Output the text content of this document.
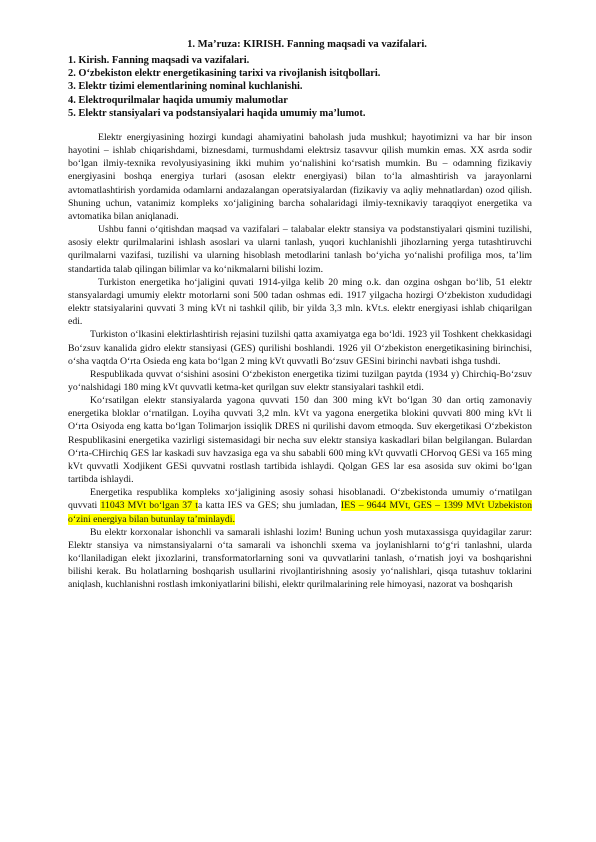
1. Ma’ruza: KIRISH. Fanning maqsadi va vazifalari.
1. Kirish. Fanning maqsadi va vazifalari.
2. O‘zbekiston elektr energetikasining tarixi va rivojlanish isitqbollari.
3. Elektr tizimi elementlarining nominal kuchlanishi.
4. Elektroqurilmalar haqida umumiy malumotlar
5. Elektr stansiyalari va podstansiyalari haqida umumiy ma’lumot.

Elektr energiyasining hozirgi kundagi ahamiyatini baholash juda mushkul; hayotimizni va har bir inson hayotini – ishlab chiqarishdami, biznesdami, turmushdami elektrsiz tasavvur qilish mumkin emas. XX asrda sodir bo‘lgan ilmiy-texnika revolyusiyasining ikki muhim yo‘nalishini ko‘rsatish mumkin. Bu – odamning fizikaviy energiyasini boshqa energiya turlari (asosan elektr energiyasi) bilan to‘la almashtirish va jarayonlarni avtomatlashtirish yordamida odamlarni andazalangan operatsiyalardan (fizikaviy va aqliy mehnatlardan) ozod qilish. Shuning uchun, vatanimiz kompleks xo‘jaligining barcha sohalaridagi ilmiy-texnikaviy taraqqiyot energetika va avtomatika bilan aniqlanadi.

Ushbu fanni o‘qitishdan maqsad va vazifalari – talabalar elektr stansiya va podstanstiyalari qismini tuzilishi, asosiy elektr qurilmalarini ishlash asoslari va ularni tanlash, yuqori kuchlanishli jihozlarning yerga tutashtiruvchi qurilmalarni vazifasi, tuzilishi va ularning hisoblash metodlarini tanlash bo‘yicha yo‘nalishi profiliga mos, ta’lim standartida talab qilingan bilimlar va ko‘nikmalarni bilishi lozim.

Turkiston energetika ho‘jaligini quvati 1914-yilga kelib 20 ming o.k. dan ozgina oshgan bo‘lib, 51 elektr stansyalardagi umumiy elektr motorlarni soni 500 tadan oshmas edi. 1917 yilgacha hozirgi O‘zbekiston xududidagi elektr statsiyalarini quvvati 3 ming kVt ni tashkil qilib, bir yilda 3,3 mln. kVt.s. elektr energiyasi ishlab chiqarilgan edi.

Turkiston o‘lkasini elektirlashtirish rejasini tuzilshi qatta axamiyatga ega bo‘ldi. 1923 yil Toshkent chekkasidagi Bo‘zsuv kanalida gidro elektr stansiyasi (GES) qurilishi boshlandi. 1926 yil O‘zbekiston energetikasining birinchisi, o‘sha vaqtda O‘rta Osieda eng kata bo‘lgan 2 ming kVt quvvatli Bo‘zsuv GESini birinchi navbati ishga tushdi.

Respublikada quvvat o‘sishini asosini O‘zbekiston energetika tizimi tuzilgan paytda (1934 y) Chirchiq-Bo‘zsuv yo‘nalshidagi 180 ming kVt quvvatli ketma-ket qurilgan suv elektr stansiyalari tashkil etdi.

Ko‘rsatilgan elektr stansiyalarda yagona quvvati 150 dan 300 ming kVt bo‘lgan 30 dan ortiq zamonaviy energetika bloklar o‘rnatilgan. Loyiha quvvati 3,2 mln. kVt va yagona energetika blokini quvvati 800 ming kVt li O‘rta Osiyoda eng katta bo‘lgan Tolimarjon issiqlik DRES ni qurilishi davom etmoqda. Suv ekergetikasi O‘zbekiston Respublikasini energetika vazirligi sistemasidagi bir necha suv elektr stansiya kaskadlari bilan belgilangan. Bulardan O‘rta-CHirchiq GES lar kaskadi suv havzasiga ega va shu sababli 600 ming kVt quvvatli CHorvoq GESi va 165 ming kVt quvvatli Xodjikent GESi quvvatni rostlash tartibida ishlaydi. Qolgan GES lar esa asosida suv okimi bo‘lgan tartibda ishlaydi.

Energetika respublika kompleks xo‘jaligining asosiy sohasi hisoblanadi. O‘zbekistonda umumiy o‘rnatilgan quvvati 11043 MVt bo‘lgan 37 ta katta IES va GES; shu jumladan, IES – 9644 MVt, GES – 1399 MVt Uzbekiston o‘zini energiya bilan butunlay ta’minlaydi.

Bu elektr korxonalar ishonchli va samarali ishlashi lozim! Buning uchun yosh mutaxassisga quyidagilar zarur: Elektr stansiya va nimstansiyalarni o‘ta samarali va ishonchli sxema va joylanishlarni to‘g‘ri tanlashni, ularda ko‘llaniladigan elekt jixozlarini, transformatorlarning soni va quvvatlarini tanlash, o‘rnatish joyi va boshqarishni bilishi kerak. Bu holatlarning boshqarish usullarini rivojlantirishning asosiy yo‘nalishlari, qisqa tutashuv toklarini aniqlash, kuchlanishni rostlash imkoniyatlarini bilishi, elektr qurilmalarining rele himoyasi, nazorat va boshqarish
